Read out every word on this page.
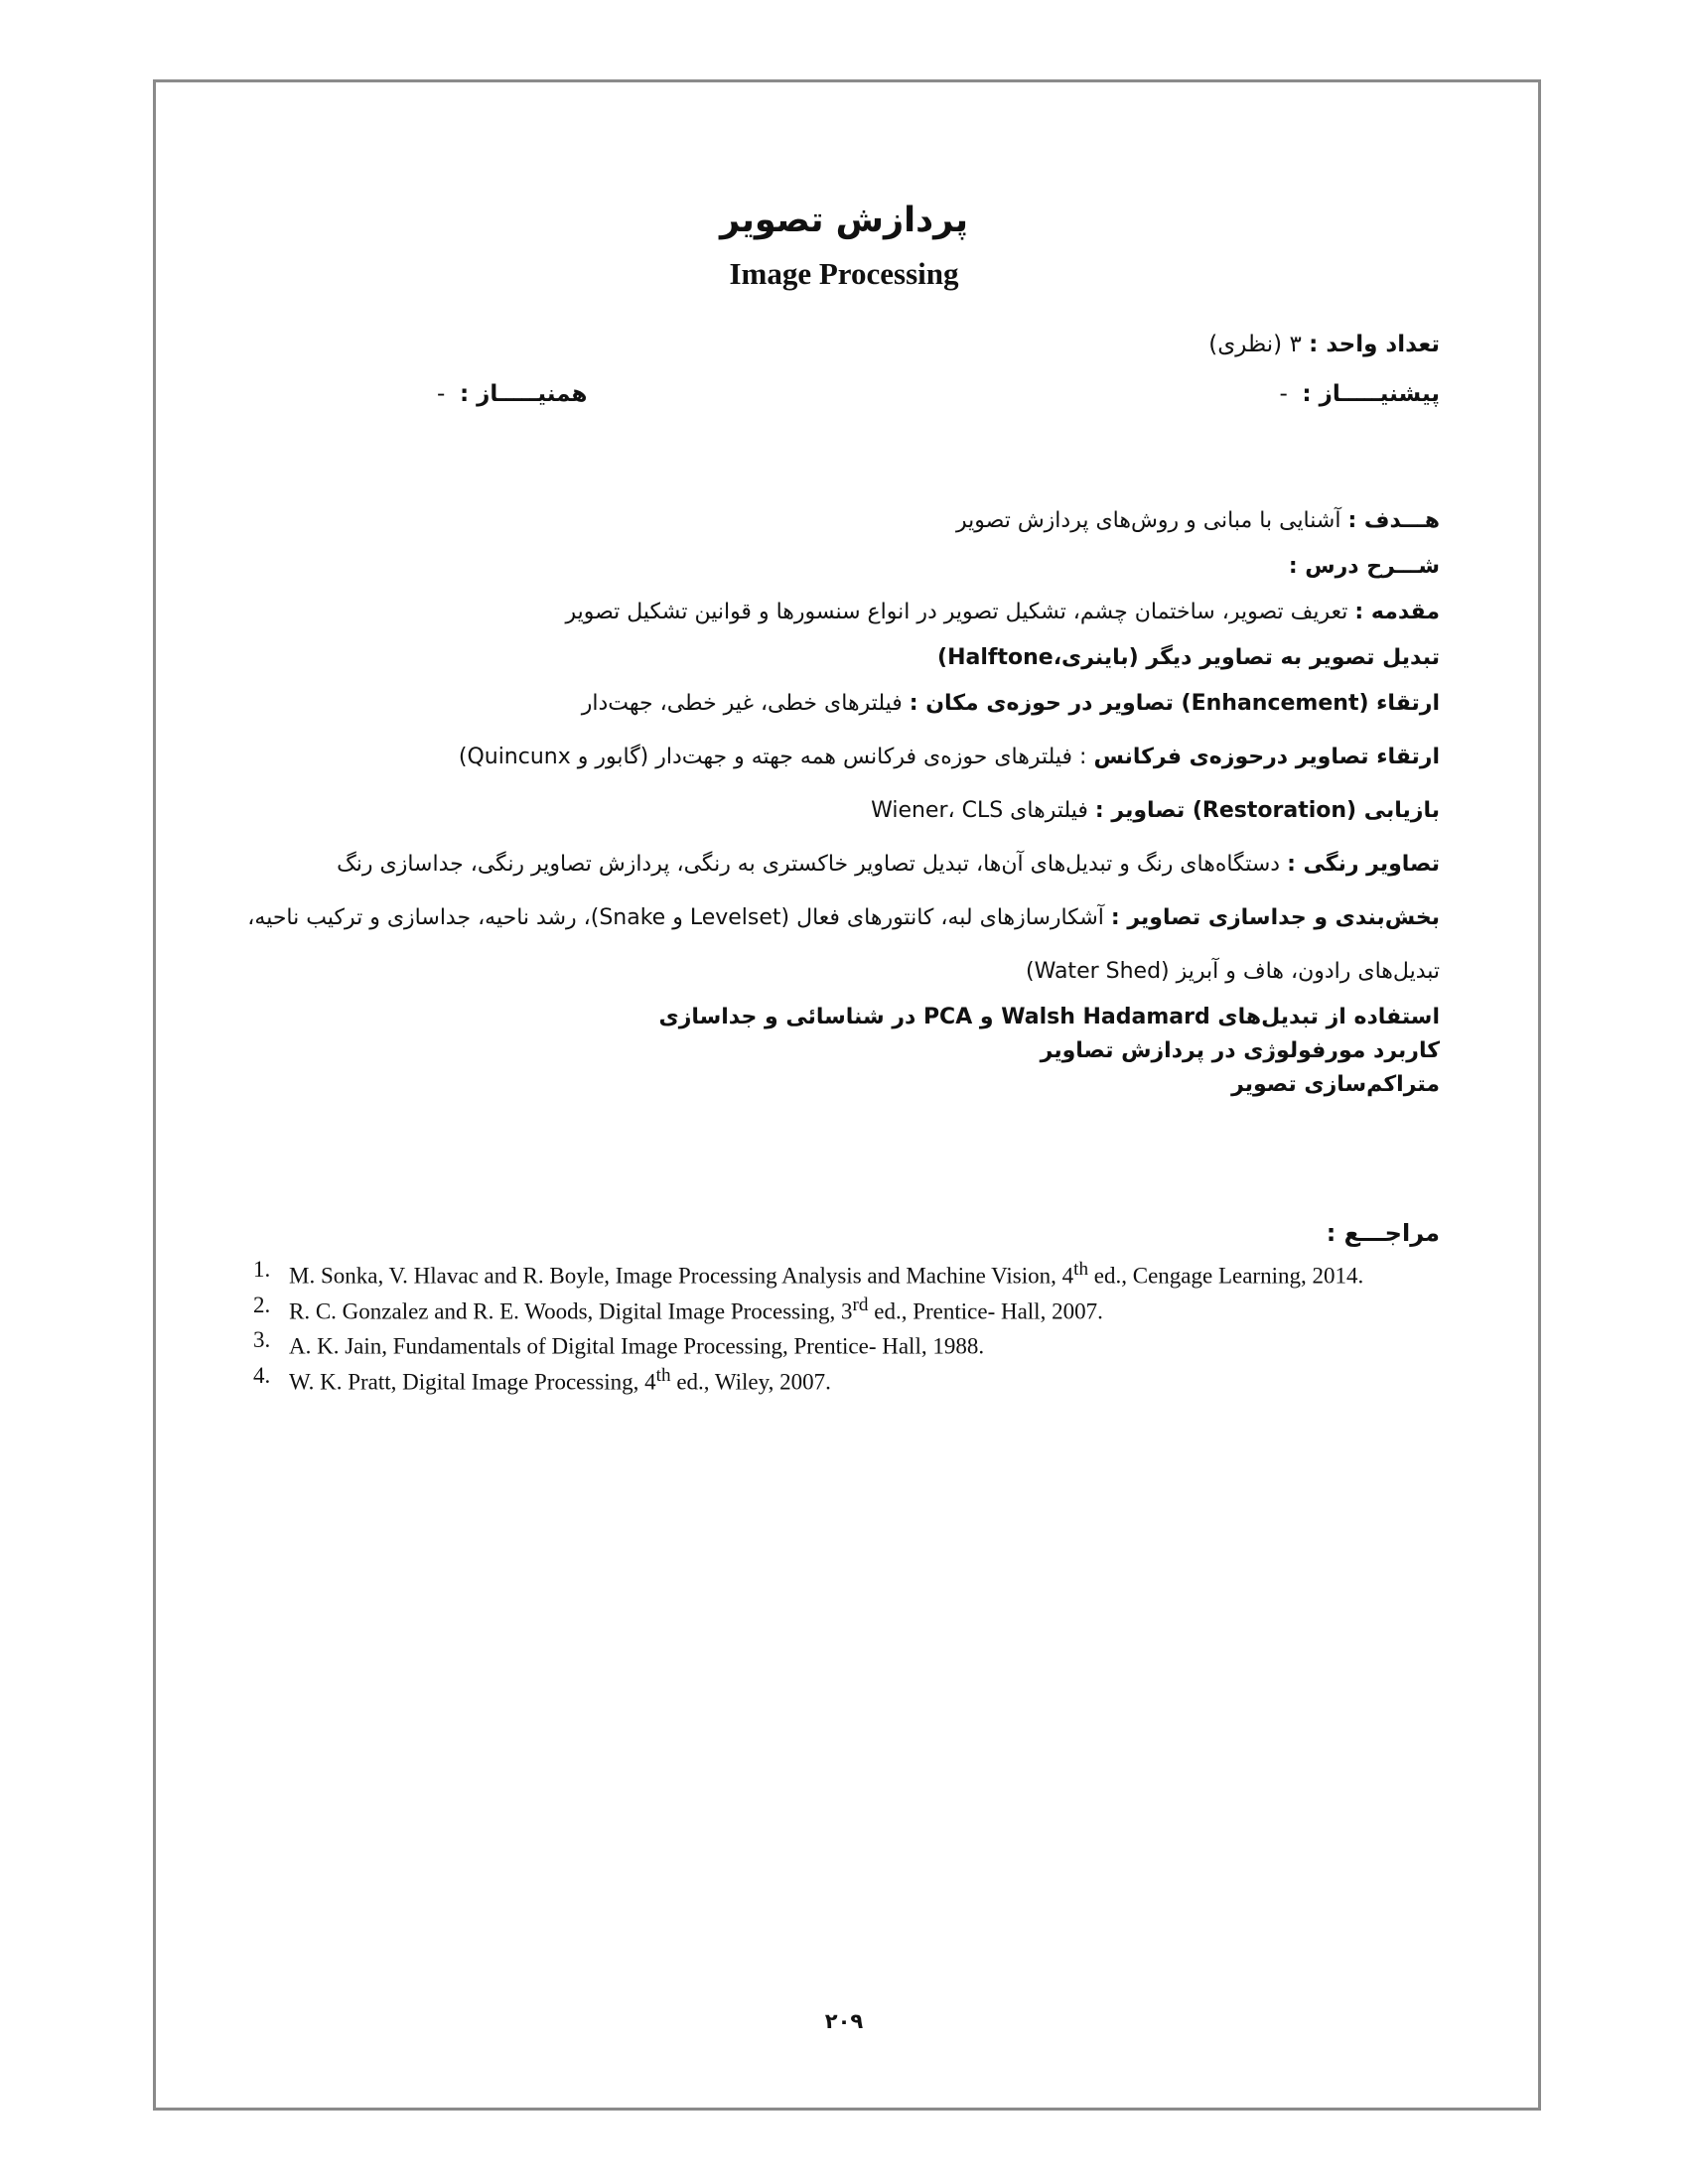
پردازش تصویر
Image Processing
تعداد واحد : ۳ (نظری)
پیشنیـــــاز :  -
همنیـــــاز :  -
هـــدف : آشنایی با مبانی و روش‌های پردازش تصویر
شـــرح درس :
مقدمه : تعریف تصویر، ساختمان چشم، تشکیل تصویر در انواع سنسورها و قوانین تشکیل تصویر
تبدیل تصویر به تصاویر دیگر (باینری،Halftone)
ارتقاء (Enhancement) تصاویر در حوزه‌ی مکان : فیلترهای خطی، غیر خطی، جهت‌دار
ارتقاء تصاویر درحوزه‌ی فرکانس : فیلترهای حوزه‌ی فرکانس همه جهته و جهت‌دار (گابور و Quincunx)
بازیابی (Restoration) تصاویر : فیلترهای Wiener، CLS
تصاویر رنگی : دستگاه‌های رنگ و تبدیل‌های آن‌ها، تبدیل تصاویر خاکستری به رنگی، پردازش تصاویر رنگی، جداسازی رنگ
بخش‌بندی و جداسازی تصاویر : آشکارسازهای لبه، کانتورهای فعال (Levelset و Snake)، رشد ناحیه، جداسازی و ترکیب ناحیه،
تبدیل‌های رادون، هاف و آبریز (Water Shed)
استفاده از تبدیل‌های Walsh Hadamard و PCA در شناسائی و جداسازی
کاربرد مورفولوژی در پردازش تصاویر
متراکم‌سازی تصویر
مراجـــع :
1. M. Sonka, V. Hlavac and R. Boyle, Image Processing Analysis and Machine Vision, 4th ed., Cengage Learning, 2014.
2. R. C. Gonzalez and R. E. Woods, Digital Image Processing, 3rd ed., Prentice- Hall, 2007.
3. A. K. Jain, Fundamentals of Digital Image Processing, Prentice- Hall, 1988.
4. W. K. Pratt, Digital Image Processing, 4th ed., Wiley, 2007.
۲۰۹
